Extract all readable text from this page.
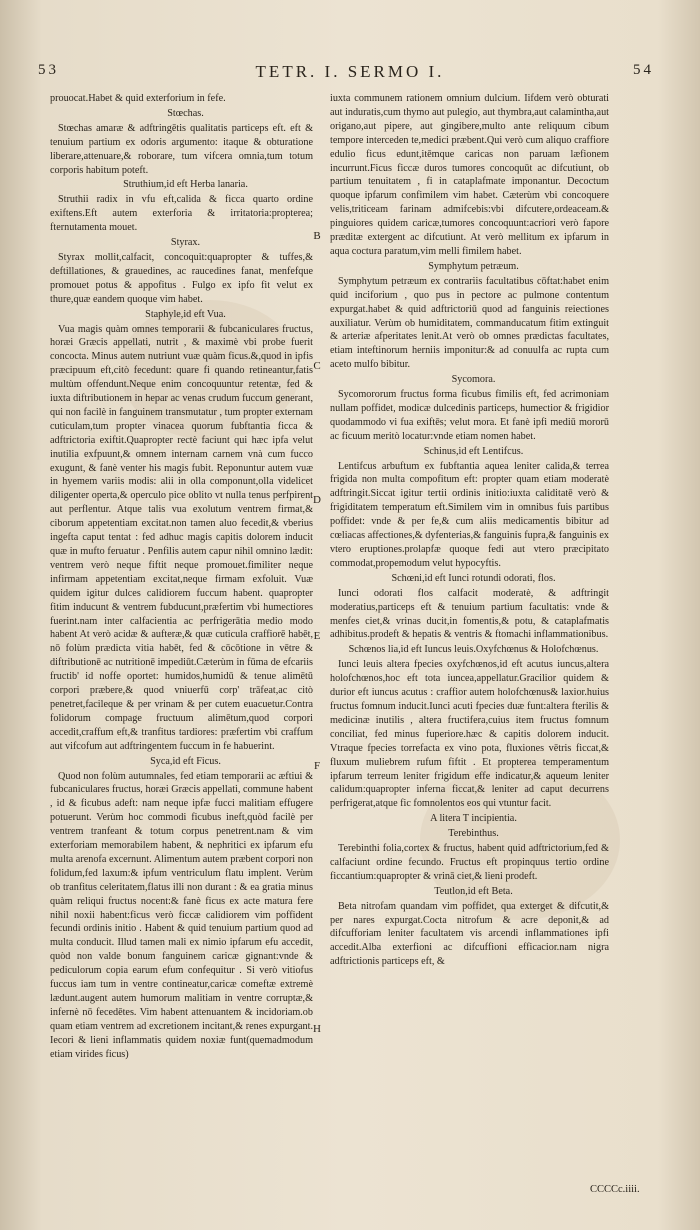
53	TETR. I. SERMO I.	54

prouocat.Habet & quid exterforium in fefe.

Stœchas.

Stœchas amaræ & adftringētis qualitatis particeps eft. eft & tenuium partium ex odoris argumento: itaque & obturatione liberare,attenuare,& roborare, tum vifcera omnia,tum totum corporis habitum poteft.

Struthium,id eft Herba lanaria.

Struthii radix in vfu eft,calida & ficca quarto ordine exiftens.Eft autem exterforia & irritatoria:propterea; fternutamenta mouet.

Styrax.

Styrax mollit,calfacit, concoquit:quapropter & tuffes,& deftillationes, & grauedines, ac raucedines fanat, menfefque promouet potus & appofitus . Fulgo ex ipfo fit velut ex thure,quæ eandem quoque vim habet.

Staphyle,id eft Vua.

Vua magis quàm omnes temporarii & fubcaniculares fructus, horæi Græcis appellati, nutrit , & maximè vbi probe fuerit concocta. Minus autem nutriunt vuæ quàm ficus.&,quod in ipfis præcipuum eft,citò fecedunt: quare fi quando retineantur,fatis multùm offendunt.Neque enim concoquuntur retentæ, fed & iuxta diftributionem in hepar ac venas crudum fuccum generant, qui non facilè in fanguinem transmutatur , tum propter externam cuticulam,tum propter vinacea quorum fubftantia ficca & adftrictoria exiftit.Quapropter rectè faciunt qui hæc ipfa velut inutilia exfpuunt,& omnem internam carnem vnà cum fucco exugunt, & fanè venter his magis fubit. Reponuntur autem vuæ in hyemem variis modis: alii in olla componunt,olla videlicet diligenter operta,& operculo pice oblito vt nulla tenus perfpirent aut perflentur. Atque talis vua exolutum ventrem firmat,& ciborum appetentiam excitat.non tamen aluo fecedit,& vberius ingefta caput tentat : fed adhuc magis capitis dolorem inducit quæ in mufto feruatur . Penfilis autem capur nihil omnino lædit: ventrem verò neque fiftit neque promouet.fimiliter neque infirmam appetentiam excitat,neque firmam exfoluit. Vuæ quidem igitur dulces calidiorem fuccum habent. quapropter fitim inducunt & ventrem fubducunt,præfertim vbi humectiores fuerint.nam inter calfacientia ac perfrigerātia medio modo habent At verò acidæ & aufteræ,& quæ cuticula craffiorē habēt, nō folùm prædicta vitia habēt, fed & cōcōtione in vētre & diftributionē ac nutritionē impediūt.Cæterùm in fūma de efcariis fructib' id noffe oportet: humidos,humidū & tenue alimētū corpori præbere,& quod vniuerfū corp' trāfeat,ac citò penetret,facileque & per vrinam & per cutem euacuetur.Contra folidorum compage fructuum alimētum,quod corpori accedit,craffum eft,& tranfitus tardiores: præfertim vbi craffum aut vifcofum aut adftringentem fuccum in fe habuerint.

Syca,id eft Ficus.

Quod non folùm autumnales, fed etiam temporarii ac æftiui & fubcaniculares fructus, horæi Græcis appellati, commune habent , id & ficubus adeft: nam neque ipfæ fucci malitiam effugere potuerunt. Verùm hoc commodi ficubus ineft,quòd facilè per ventrem tranfeant & totum corpus penetrent.nam & vim exterforiam memorabilem habent, & nephritici ex ipfarum efu multa arenofa excernunt. Alimentum autem præbent corpori non folidum,fed laxum:& ipfum ventriculum flatu implent. Verùm ob tranfitus celeritatem,flatus illi non durant : & ea gratia minus quàm reliqui fructus nocent:& fanè ficus ex acte matura fere nihil noxii habent:ficus verò ficcæ calidiorem vim poffident fecundi ordinis initio . Habent & quid tenuium partium quod ad multa conducit. Illud tamen mali ex nimio ipfarum efu accedit, quòd non valde bonum fanguinem caricæ gignant:vnde & pediculorum copia earum efum confequitur . Si verò vitiofus fuccus iam tum in ventre contineatur,caricæ comeftæ extremè lædunt.augent autem humorum malitiam in ventre corruptæ,& infernè nō fecedētes. Vim habent attenuantem & incidoriam.ob quam etiam ventrem ad excretionem incitant,& renes expurgant. Iecori & lieni inflammatis quidem noxiæ funt(quemadmodum etiam virides ficus)

iuxta communem rationem omnium dulcium. Iifdem verò obturati aut induratis,cum thymo aut pulegio, aut thymbra,aut calamintha,aut origano,aut pipere, aut gingibere,multo ante reliquum cibum tempore interceden te,medici præbent.Qui verò cum aliquo craffiore edulio ficus edunt,itēmque caricas non paruam læfionem incurrunt.Ficus ficcæ duros tumores concoquūt ac difcutiunt, ob partium tenuitatem , fi in cataplafmate imponantur. Decoctum quoque ipfarum confimilem vim habet. Cæterùm vbi concoquere velis,triticeam farinam admifcebis:vbi difcutere,ordeaceam.& pinguiores quidem caricæ,tumores concoquunt:acriori verò fapore præditæ extergent ac difcutiunt. At verò mellitum ex ipfarum in aqua coctura paratum,vim melli fimilem habet.

Symphytum petræum.

Symphytum petræum ex contrariis facultatibus cōftat:habet enim quid inciforium , quo pus in pectore ac pulmone contentum expurgat.habet & quid adftrictoriū quod ad fanguinis reiectiones auxiliatur. Verùm ob humiditatem, commanducatum fitim extinguit & arteriæ afperitates lenit.At verò ob omnes prædictas facultates, etiam inteftinorum herniis imponitur:& ad conuulfa ac rupta cum aceto mulfo bibitur.

Sycomora.

Sycomororum fructus forma ficubus fimilis eft, fed acrimoniam nullam poffidet, modicæ dulcedinis particeps, humectior & frigidior quodammodo vi fua exiftēs; velut mora. Et fanè ipfi mediū mororū ac ficuum meritò locatur:vnde etiam nomen habet.

Schinus,id eft Lentifcus.

Lentifcus arbuftum ex fubftantia aquea leniter calida,& terrea frigida non multa compofitum eft: propter quam etiam moderatè adftringit.Siccat igitur tertii ordinis initio:iuxta caliditatē verò & frigiditatem temperatum eft.Similem vim in omnibus fuis partibus poffidet: vnde & per fe,& cum aliis medicamentis bibitur ad cœliacas affectiones,& dyfenterias,& fanguinis fupra,& fanguinis ex vtero eruptiones.prolapfæ quoque fedi aut vtero præcipitato commodat,propemodum velut hypocyftis.

Schœni,id eft Iunci rotundi odorati, flos.

Iunci odorati flos calfacit moderatè, & adftringit moderatius,particeps eft & tenuium partium facultatis: vnde & menfes ciet,& vrinas ducit,in fomentis,& potu, & cataplafmatis adhibitus.prodeft & hepatis & ventris & ftomachi inflammationibus.

Schœnos lia,id eft Iuncus leuis.Oxyfchœnus & Holofchœnus.

Iunci leuis altera fpecies oxyfchœnos,id eft acutus iuncus,altera holofchœnos,hoc eft tota iuncea,appellatur.Gracilior quidem & durior eft iuncus acutus : craffior autem holofchœnus& laxior.huius fructus fomnum inducit.Iunci acuti fpecies duæ funt:altera fterilis & medicinæ inutilis , altera fructifera,cuius item fructus fomnum conciliat, fed minus fuperiore.hæc & capitis dolorem inducit. Vtraque fpecies torrefacta ex vino pota, fluxiones vētris ficcat,& fluxum muliebrem rufum fiftit . Et propterea temperamentum ipfarum terreum leniter frigidum effe indicatur,& aqueum leniter calidum:quapropter inferna ficcat,& leniter ad caput decurrens perfrigerat,atque fic fomnolentos eos qui vtuntur facit.

A litera T incipientia.

Terebinthus.

Terebinthi folia,cortex & fructus, habent quid adftrictorium,fed & calfaciunt ordine fecundo. Fructus eft propinquus tertio ordine ficcantium:quapropter & vrinā ciet,& lieni prodeft.

Teutlon,id eft Beta.

Beta nitrofam quandam vim poffidet, qua exterget & difcutit,& per nares expurgat.Cocta nitrofum & acre deponit,& ad difcufforiam leniter facultatem vis arcendi inflammationes ipfi accedit.Alba exterfioni ac difcuffioni efficacior.nam nigra adftrictionis particeps eft, &

B
C
D
E
F
H
CCCCc.iiii.
